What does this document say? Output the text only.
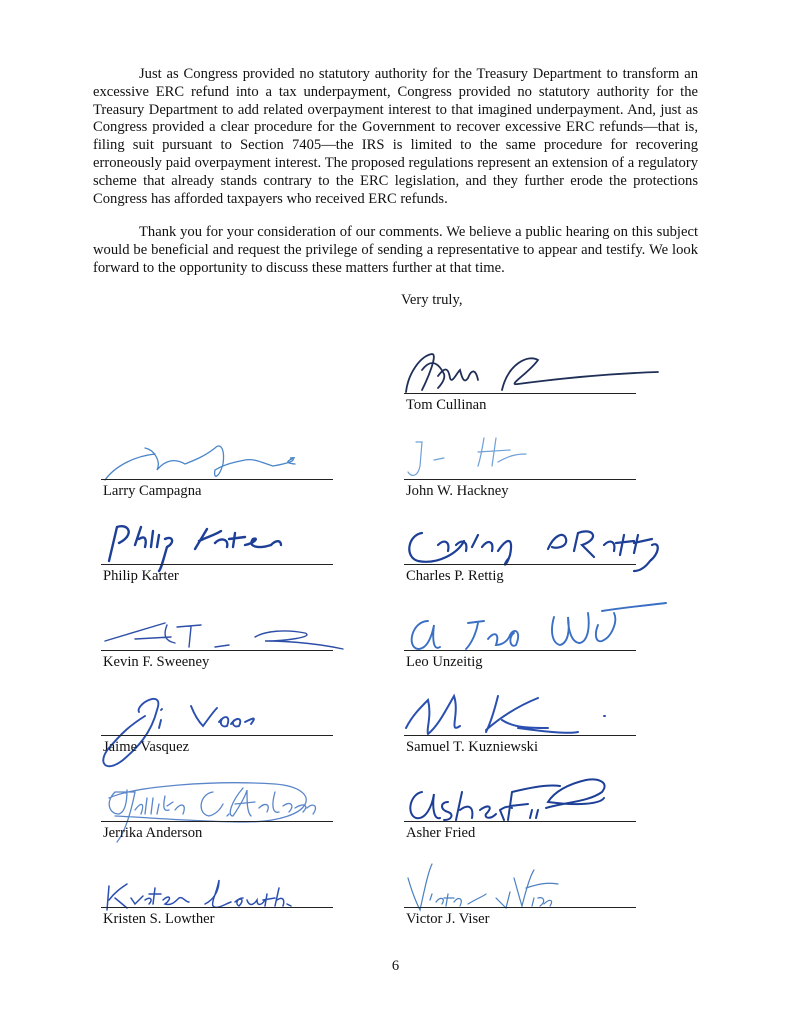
Just as Congress provided no statutory authority for the Treasury Department to transform an excessive ERC refund into a tax underpayment, Congress provided no statutory authority for the Treasury Department to add related overpayment interest to that imagined underpayment. And, just as Congress provided a clear procedure for the Government to recover excessive ERC refunds—that is, filing suit pursuant to Section 7405—the IRS is limited to the same procedure for recovering erroneously paid overpayment interest. The proposed regulations represent an extension of a regulatory scheme that already stands contrary to the ERC legislation, and they further erode the protections Congress has afforded taxpayers who received ERC refunds.

Thank you for your consideration of our comments. We believe a public hearing on this subject would be beneficial and request the privilege of sending a representative to appear and testify. We look forward to the opportunity to discuss these matters further at that time.

Very truly,
Tom Cullinan
Larry Campagna	John W. Hackney
Philip Karter	Charles P. Rettig
Kevin F. Sweeney	Leo Unzeitig
Jaime Vasquez	Samuel T. Kuzniewski
Jerrika Anderson	Asher Fried
Kristen S. Lowther	Victor J. Viser
6
